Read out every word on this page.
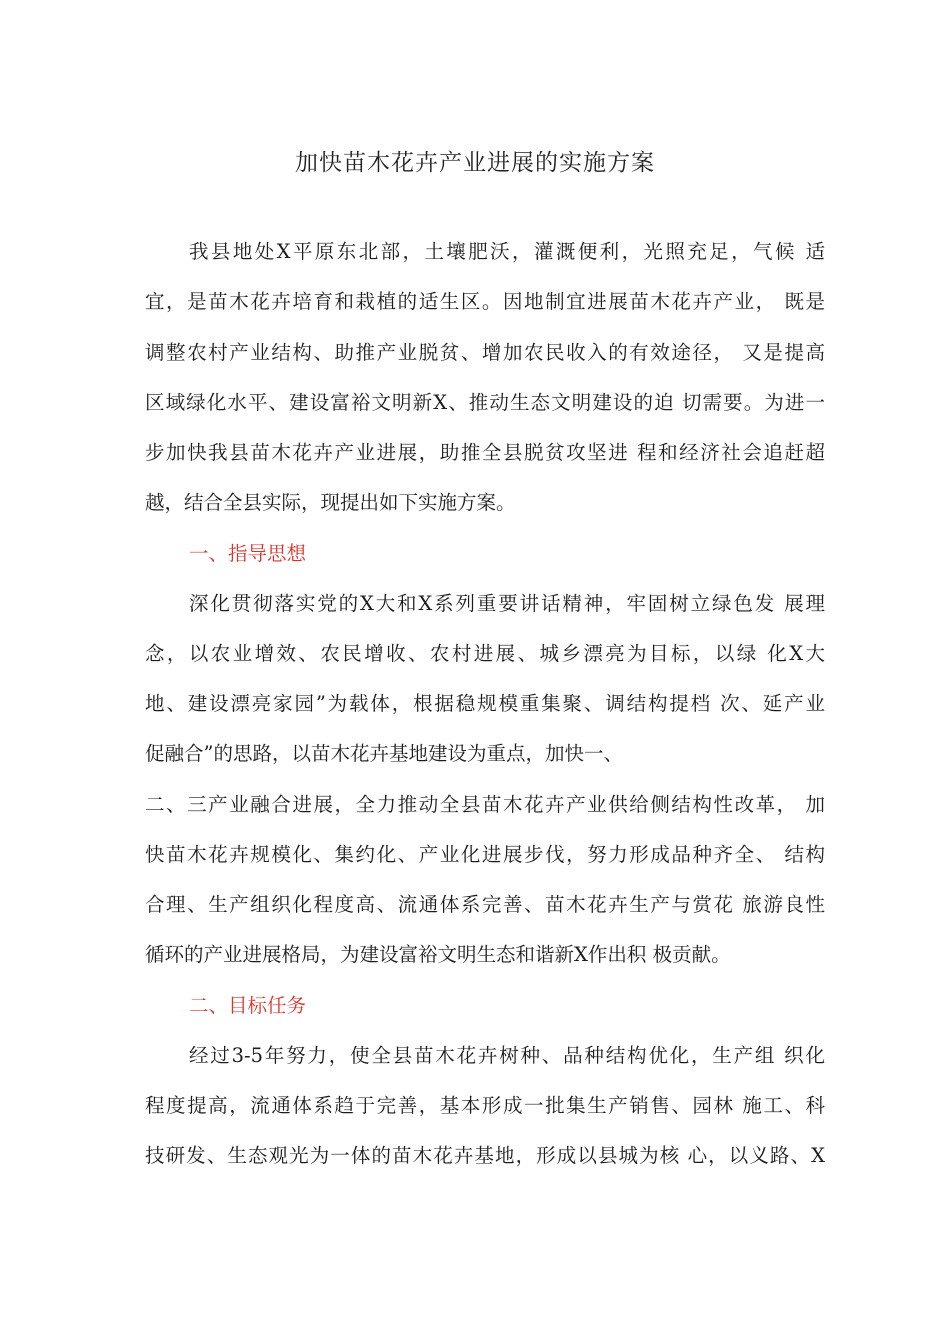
加快苗木花卉产业进展的实施方案
我县地处X平原东北部，土壤肥沃，灌溉便利，光照充足，气候 适
宜，是苗木花卉培育和栽植的适生区。因地制宜进展苗木花卉产业， 既是
调整农村产业结构、助推产业脱贫、增加农民收入的有效途径， 又是提高
区域绿化水平、建设富裕文明新X、推动生态文明建设的迫 切需要。为进一
步加快我县苗木花卉产业进展，助推全县脱贫攻坚进 程和经济社会追赶超
越，结合全县实际，现提出如下实施方案。
一、指导思想
深化贯彻落实党的X大和X系列重要讲话精神，牢固树立绿色发 展理
念，以农业增效、农民增收、农村进展、城乡漂亮为目标，以绿 化X大
地、建设漂亮家园”为载体，根据稳规模重集聚、调结构提档 次、延产业
促融合”的思路，以苗木花卉基地建设为重点，加快一、
二、三产业融合进展，全力推动全县苗木花卉产业供给侧结构性改革， 加
快苗木花卉规模化、集约化、产业化进展步伐，努力形成品种齐全、 结构
合理、生产组织化程度高、流通体系完善、苗木花卉生产与赏花 旅游良性
循环的产业进展格局，为建设富裕文明生态和谐新X作出积 极贡献。
二、目标任务
经过3-5年努力，使全县苗木花卉树种、品种结构优化，生产组 织化
程度提高，流通体系趋于完善，基本形成一批集生产销售、园林 施工、科
技研发、生态观光为一体的苗木花卉基地，形成以县城为核 心，以义路、X
